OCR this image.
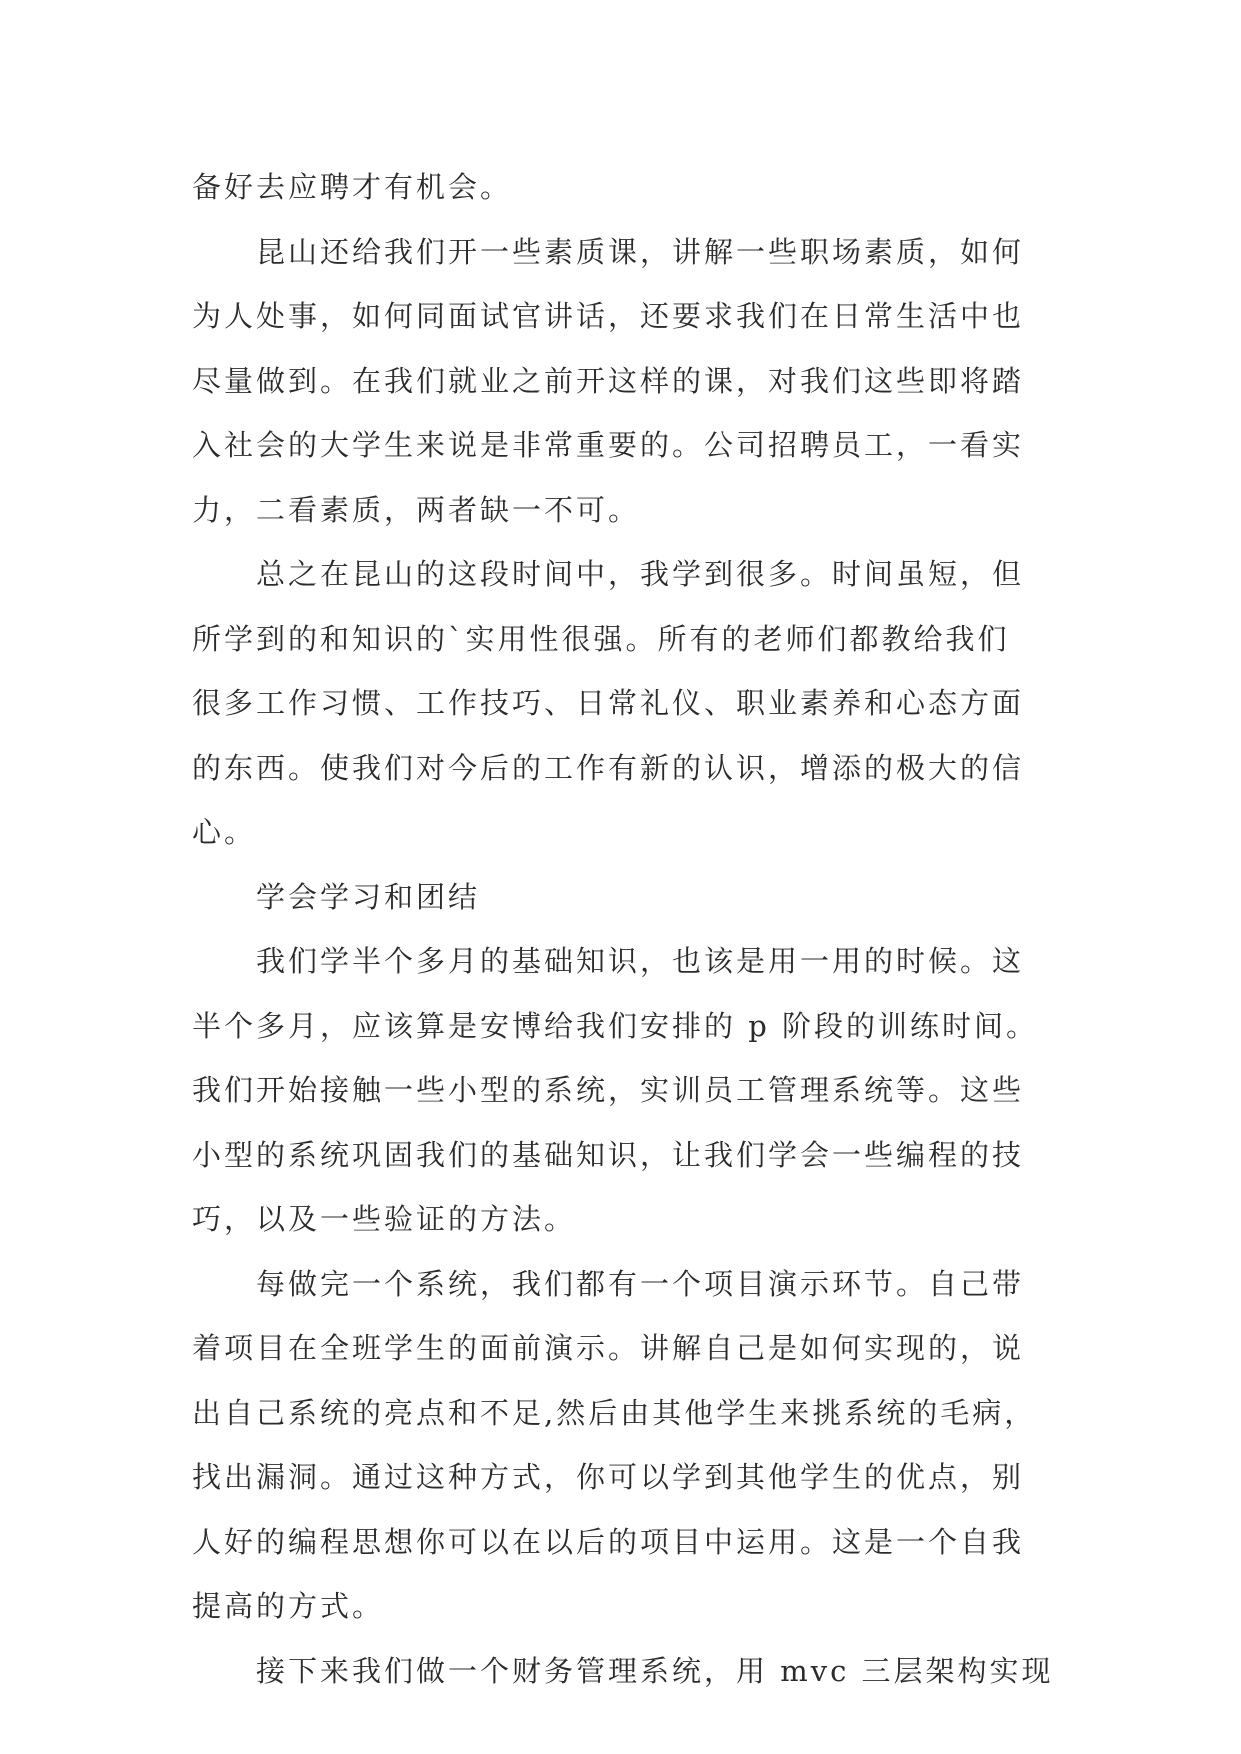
备好去应聘才有机会。
昆山还给我们开一些素质课，讲解一些职场素质，如何
为人处事，如何同面试官讲话，还要求我们在日常生活中也
尽量做到。在我们就业之前开这样的课，对我们这些即将踏
入社会的大学生来说是非常重要的。公司招聘员工，一看实
力，二看素质，两者缺一不可。
总之在昆山的这段时间中，我学到很多。时间虽短，但
所学到的和知识的`实用性很强。所有的老师们都教给我们
很多工作习惯、工作技巧、日常礼仪、职业素养和心态方面
的东西。使我们对今后的工作有新的认识，增添的极大的信
心。
学会学习和团结
我们学半个多月的基础知识，也该是用一用的时候。这
半个多月，应该算是安博给我们安排的 p 阶段的训练时间。
我们开始接触一些小型的系统，实训员工管理系统等。这些
小型的系统巩固我们的基础知识，让我们学会一些编程的技
巧，以及一些验证的方法。
每做完一个系统，我们都有一个项目演示环节。自己带
着项目在全班学生的面前演示。讲解自己是如何实现的，说
出自己系统的亮点和不足,然后由其他学生来挑系统的毛病，
找出漏洞。通过这种方式，你可以学到其他学生的优点，别
人好的编程思想你可以在以后的项目中运用。这是一个自我
提高的方式。
接下来我们做一个财务管理系统，用 mvc 三层架构实现
